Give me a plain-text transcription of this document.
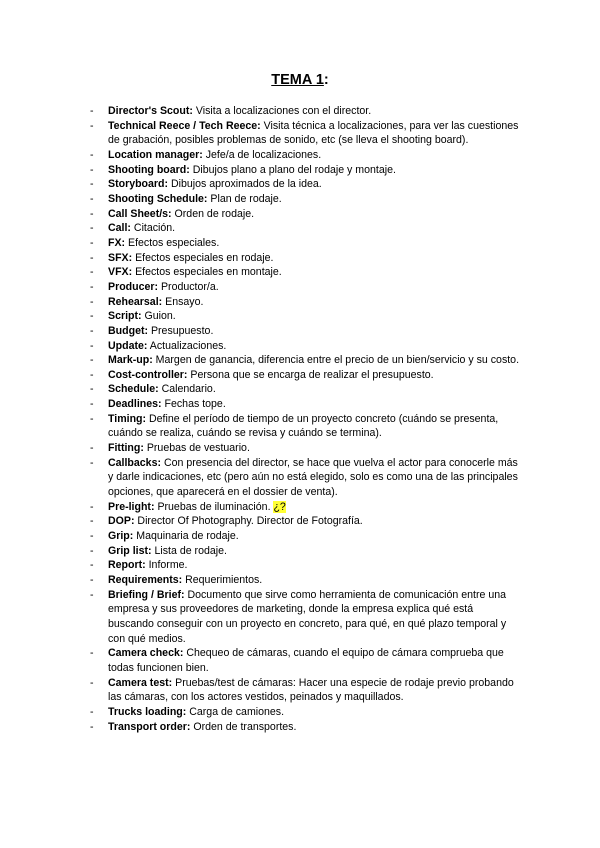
TEMA 1:
- Director's Scout: Visita a localizaciones con el director.
- Technical Reece / Tech Reece: Visita técnica a localizaciones, para ver las cuestiones de grabación, posibles problemas de sonido, etc (se lleva el shooting board).
- Location manager: Jefe/a de localizaciones.
- Shooting board: Dibujos plano a plano del rodaje y montaje.
- Storyboard: Dibujos aproximados de la idea.
- Shooting Schedule: Plan de rodaje.
- Call Sheet/s: Orden de rodaje.
- Call: Citación.
- FX: Efectos especiales.
- SFX: Efectos especiales en rodaje.
- VFX: Efectos especiales en montaje.
- Producer: Productor/a.
- Rehearsal: Ensayo.
- Script: Guion.
- Budget: Presupuesto.
- Update: Actualizaciones.
- Mark-up: Margen de ganancia, diferencia entre el precio de un bien/servicio y su costo.
- Cost-controller: Persona que se encarga de realizar el presupuesto.
- Schedule: Calendario.
- Deadlines: Fechas tope.
- Timing: Define el período de tiempo de un proyecto concreto (cuándo se presenta, cuándo se realiza, cuándo se revisa y cuándo se termina).
- Fitting: Pruebas de vestuario.
- Callbacks: Con presencia del director, se hace que vuelva el actor para conocerle más y darle indicaciones, etc (pero aún no está elegido, solo es como una de las principales opciones, que aparecerá en el dossier de venta).
- Pre-light: Pruebas de iluminación. ¿?
- DOP: Director Of Photography. Director de Fotografía.
- Grip: Maquinaria de rodaje.
- Grip list: Lista de rodaje.
- Report: Informe.
- Requirements: Requerimientos.
- Briefing / Brief: Documento que sirve como herramienta de comunicación entre una empresa y sus proveedores de marketing, donde la empresa explica qué está buscando conseguir con un proyecto en concreto, para qué, en qué plazo temporal y con qué medios.
- Camera check: Chequeo de cámaras, cuando el equipo de cámara comprueba que todas funcionen bien.
- Camera test: Pruebas/test de cámaras: Hacer una especie de rodaje previo probando las cámaras, con los actores vestidos, peinados y maquillados.
- Trucks loading: Carga de camiones.
- Transport order: Orden de transportes.
